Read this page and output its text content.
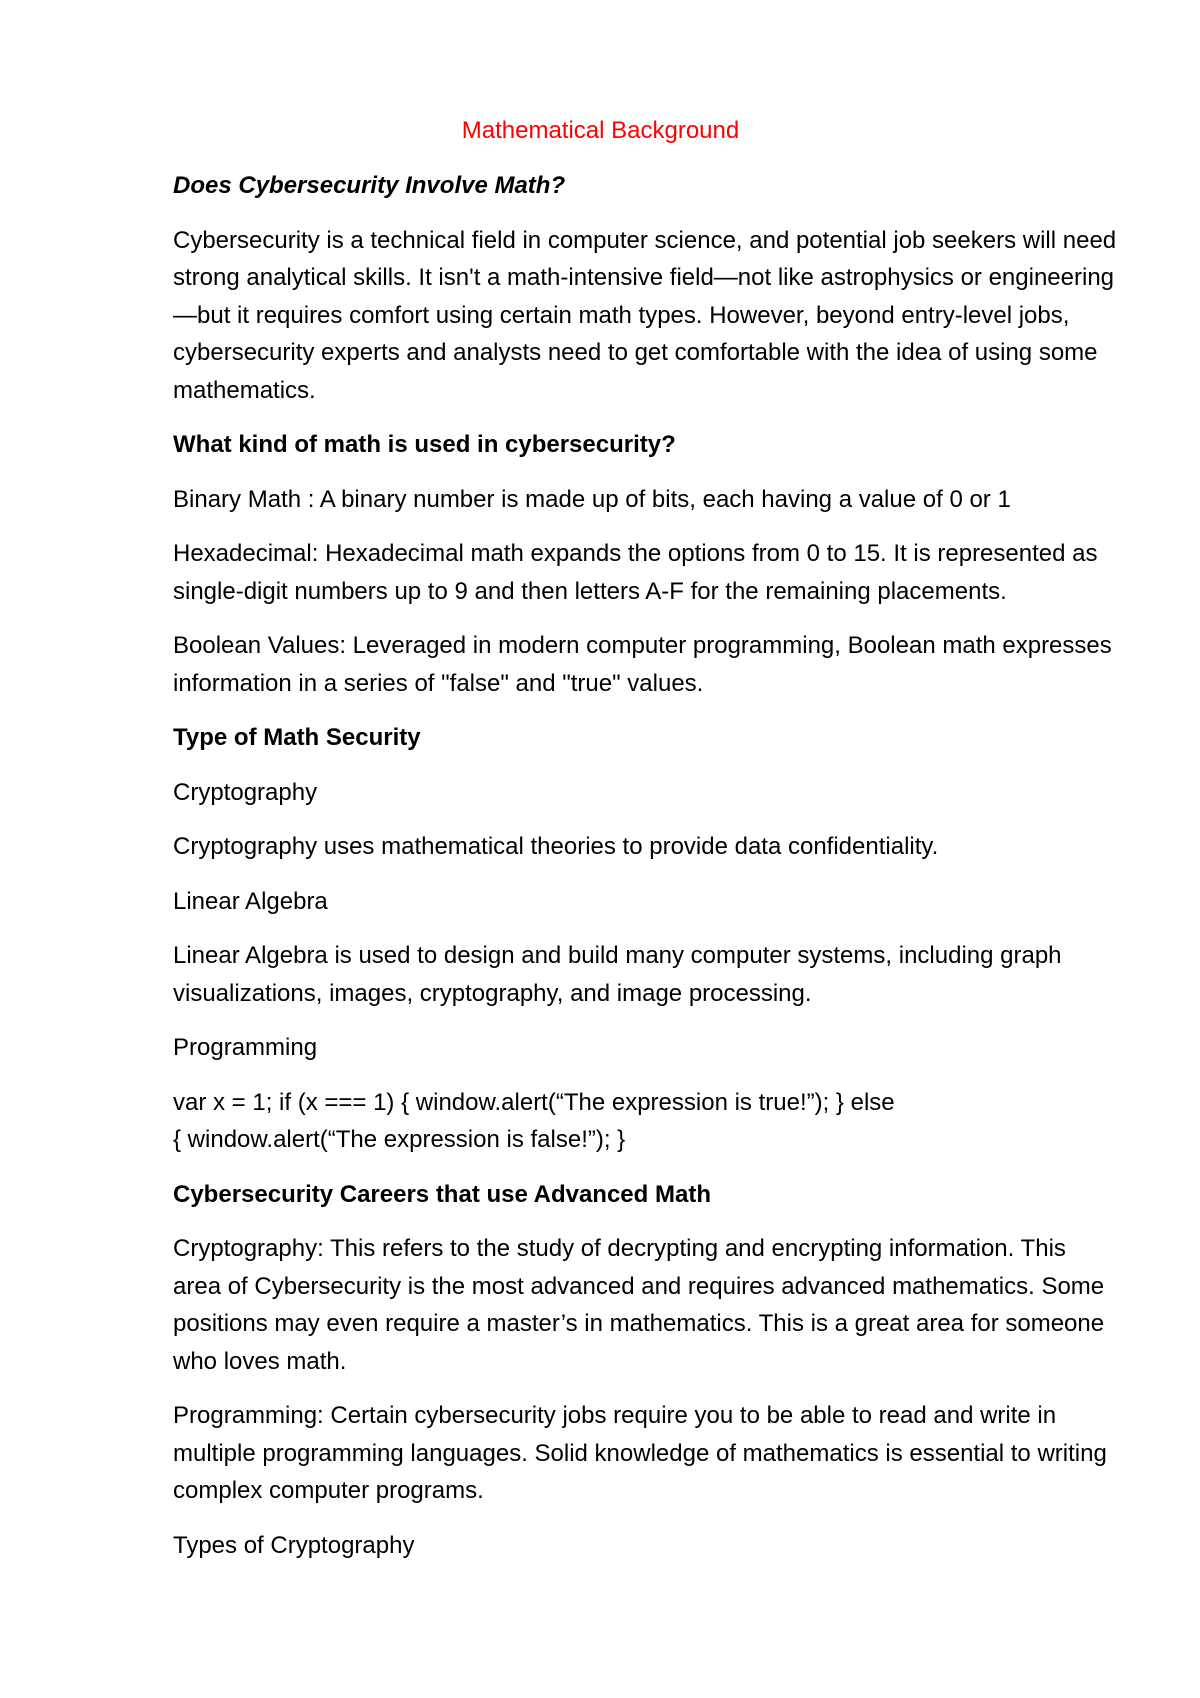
Mathematical Background

Does Cybersecurity Involve Math?

Cybersecurity is a technical field in computer science, and potential job seekers will need strong analytical skills. It isn't a math-intensive field—not like astrophysics or engineering—but it requires comfort using certain math types. However, beyond entry-level jobs, cybersecurity experts and analysts need to get comfortable with the idea of using some mathematics.

What kind of math is used in cybersecurity?

Binary Math : A binary number is made up of bits, each having a value of 0 or 1

Hexadecimal: Hexadecimal math expands the options from 0 to 15. It is represented as single-digit numbers up to 9 and then letters A-F for the remaining placements.

Boolean Values: Leveraged in modern computer programming, Boolean math expresses information in a series of "false" and "true" values.

Type of Math Security

Cryptography

Cryptography uses mathematical theories to provide data confidentiality.

Linear Algebra

Linear Algebra is used to design and build many computer systems, including graph visualizations, images, cryptography, and image processing.

Programming

var x = 1; if (x === 1) { window.alert(“The expression is true!”); } else
{ window.alert(“The expression is false!”); }

Cybersecurity Careers that use Advanced Math

Cryptography: This refers to the study of decrypting and encrypting information. This area of Cybersecurity is the most advanced and requires advanced mathematics. Some positions may even require a master’s in mathematics. This is a great area for someone who loves math.

Programming: Certain cybersecurity jobs require you to be able to read and write in multiple programming languages. Solid knowledge of mathematics is essential to writing complex computer programs.

Types of Cryptography
